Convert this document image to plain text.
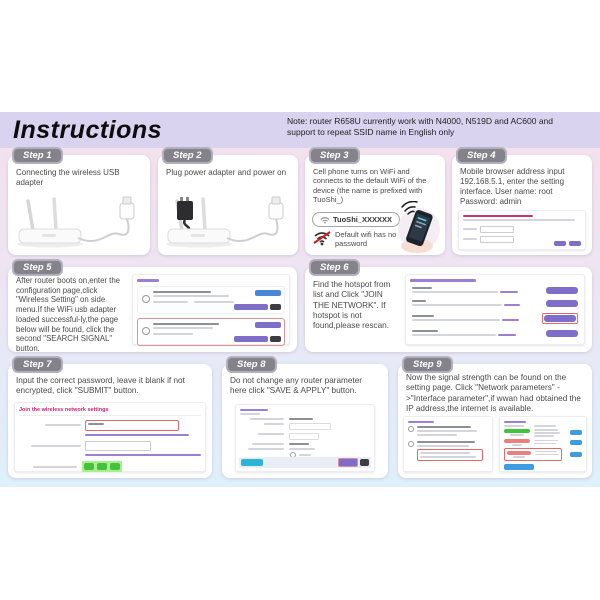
Instructions	Note: router R658U currently work with N4000, N519D and AC600 and support to repeat SSID name in English only
Step 1	Step 2	Step 3	Step 4
Step 5	Step 6
Step 7	Step 8	Step 9
Connecting the wireless USB adapter
Plug power adapter and power on	Cell phone turns on WiFi and connects to the default WiFi of the device (the name is prefixed with TuoShi_)
TuoShi_XXXXXX
Default wifi has no password
Mobile browser address input 192.168.5.1, enter the setting interface. User name: root Password: admin
After router boots on,enter the configuration page,click "Wireless Setting" on side menu.If the WiFi usb adapter loaded successful-ly,the page below will be found, click the second "SEARCH SIGNAL" button.
Find the hotspot from list and Click "JOIN THE NETWORK". If hotspot is not found,please rescan.
Input the correct password, leave it blank if not encrypted, click "SUBMIT" button.
Join the wireless network settings
Do not change any router parameter here click "SAVE & APPLY" button.
Now the signal strength can be found on the setting page. Click "Network parameters" ->"Interface parameter",if wwan had obtained the IP address,the internet is available.
